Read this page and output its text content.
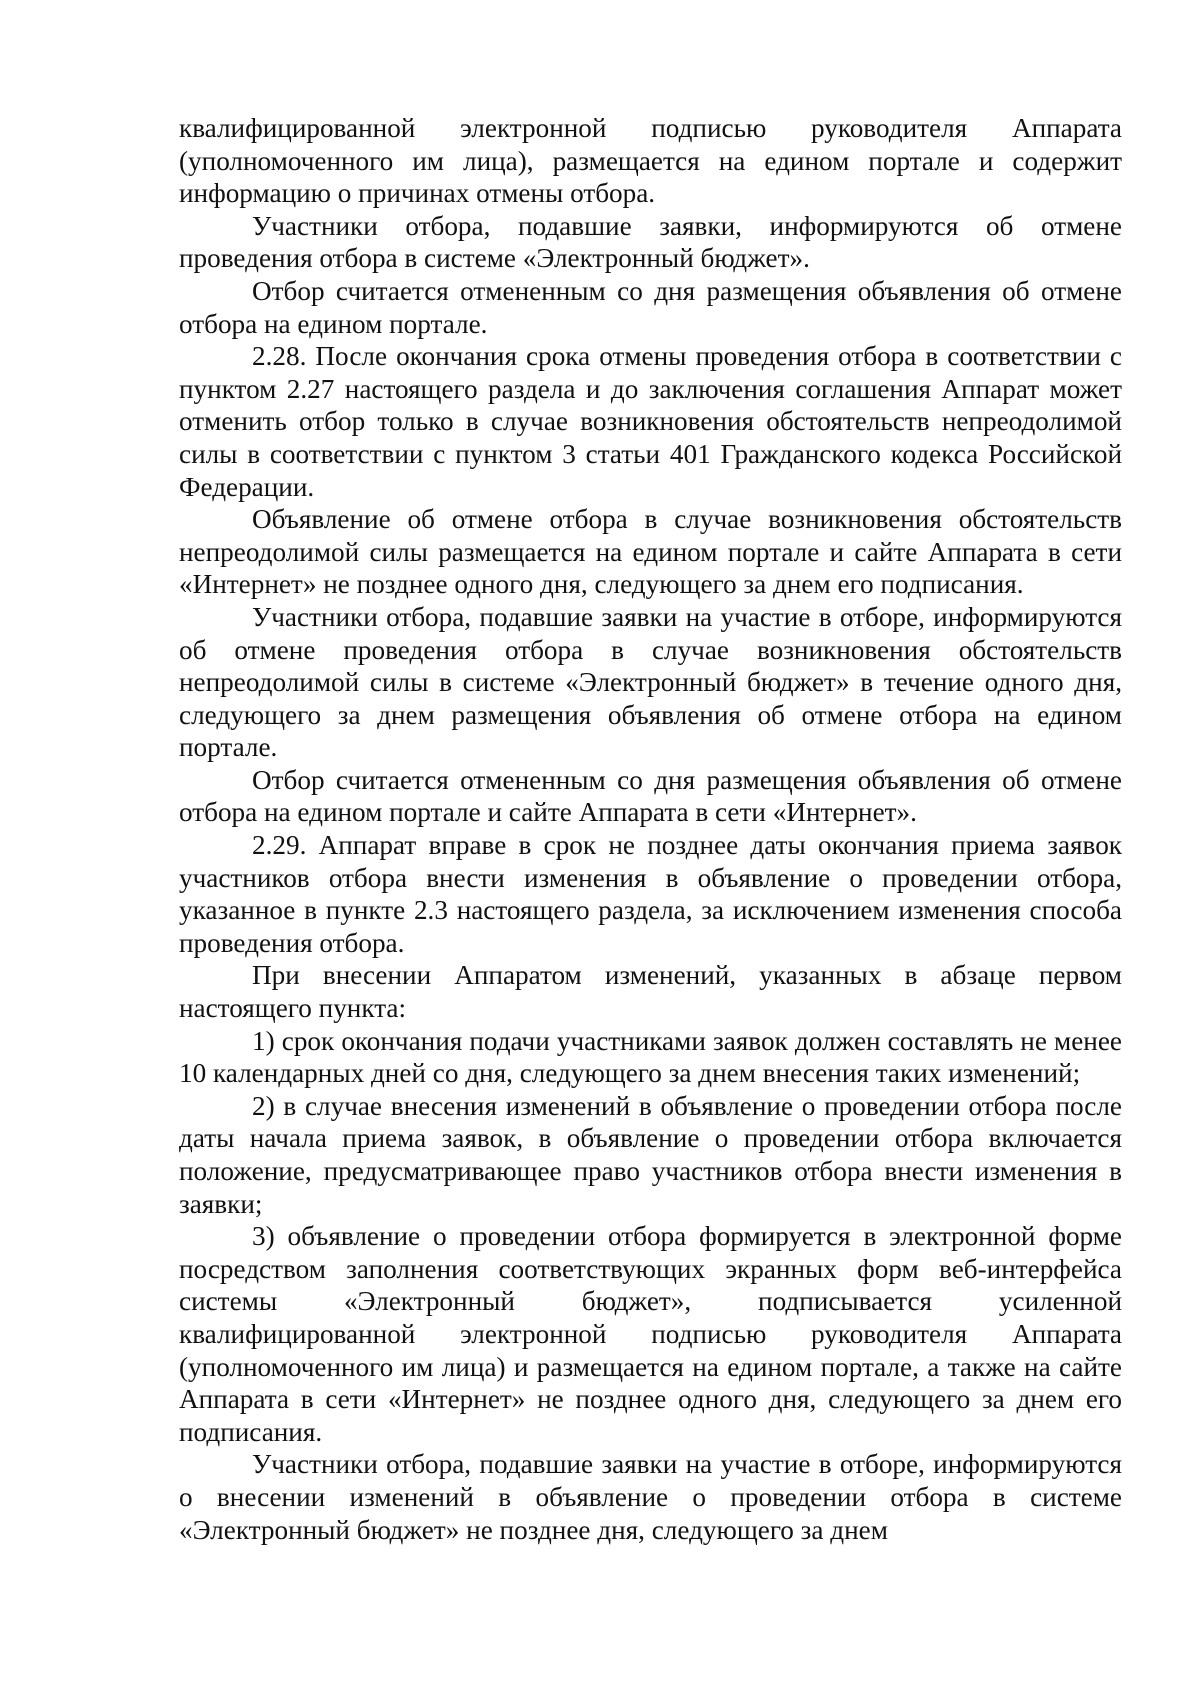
квалифицированной электронной подписью руководителя Аппарата (уполномоченного им лица), размещается на едином портале и содержит информацию о причинах отмены отбора.

Участники отбора, подавшие заявки, информируются об отмене проведения отбора в системе «Электронный бюджет».

Отбор считается отмененным со дня размещения объявления об отмене отбора на едином портале.

2.28. После окончания срока отмены проведения отбора в соответствии с пунктом 2.27 настоящего раздела и до заключения соглашения Аппарат может отменить отбор только в случае возникновения обстоятельств непреодолимой силы в соответствии с пунктом 3 статьи 401 Гражданского кодекса Российской Федерации.

Объявление об отмене отбора в случае возникновения обстоятельств непреодолимой силы размещается на едином портале и сайте Аппарата в сети «Интернет» не позднее одного дня, следующего за днем его подписания.

Участники отбора, подавшие заявки на участие в отборе, информируются об отмене проведения отбора в случае возникновения обстоятельств непреодолимой силы в системе «Электронный бюджет» в течение одного дня, следующего за днем размещения объявления об отмене отбора на едином портале.

Отбор считается отмененным со дня размещения объявления об отмене отбора на едином портале и сайте Аппарата в сети «Интернет».

2.29. Аппарат вправе в срок не позднее даты окончания приема заявок участников отбора внести изменения в объявление о проведении отбора, указанное в пункте 2.3 настоящего раздела, за исключением изменения способа проведения отбора.

При внесении Аппаратом изменений, указанных в абзаце первом настоящего пункта:

1) срок окончания подачи участниками заявок должен составлять не менее 10 календарных дней со дня, следующего за днем внесения таких изменений;

2) в случае внесения изменений в объявление о проведении отбора после даты начала приема заявок, в объявление о проведении отбора включается положение, предусматривающее право участников отбора внести изменения в заявки;

3) объявление о проведении отбора формируется в электронной форме посредством заполнения соответствующих экранных форм веб-интерфейса системы «Электронный бюджет», подписывается усиленной квалифицированной электронной подписью руководителя Аппарата (уполномоченного им лица) и размещается на едином портале, а также на сайте Аппарата в сети «Интернет» не позднее одного дня, следующего за днем его подписания.

Участники отбора, подавшие заявки на участие в отборе, информируются о внесении изменений в объявление о проведении отбора в системе «Электронный бюджет» не позднее дня, следующего за днем
